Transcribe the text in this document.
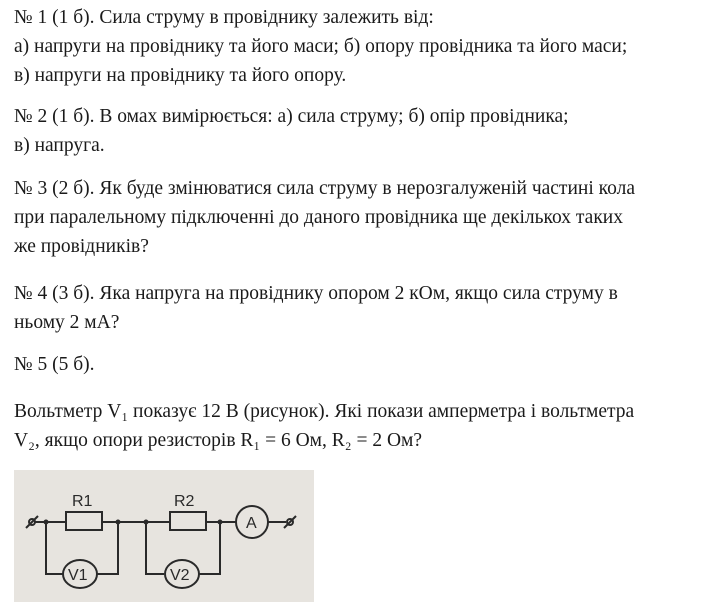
№ 1 (1 б). Сила струму в провіднику залежить від:
а) напруги на провіднику та його маси; б) опору провідника та його маси;
в) напруги на провіднику та його опору.
№ 2 (1 б). В омах вимірюється: а) сила струму; б) опір провідника;
в) напруга.
№ 3 (2 б). Як буде змінюватися сила струму в нерозгалуженій частині кола
при паралельному підключенні до даного провідника ще декількох таких
же провідників?
№ 4 (3 б). Яка напруга на провіднику опором 2 кОм, якщо сила струму в
ньому 2 мА?
№ 5 (5 б).
Вольтметр V₁ показує 12 В (рисунок). Які покази амперметра і вольтметра
V₂, якщо опори резисторів R₁ = 6 Ом, R₂ = 2 Ом?
R1	R2
A
V1	V2
